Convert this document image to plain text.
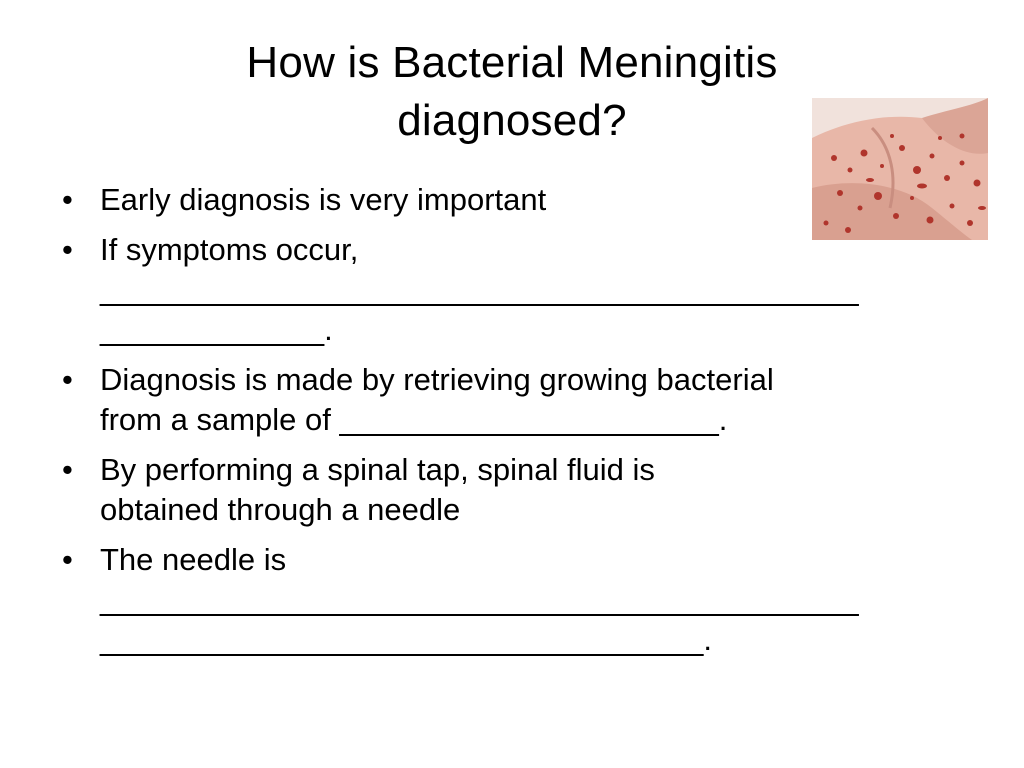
How is Bacterial Meningitis
diagnosed?
• Early diagnosis is very important
• If symptoms occur,
____________________________________________
_____________.
• Diagnosis is made by retrieving growing bacterial
from a sample of ______________________.
• By performing a spinal tap, spinal fluid is
obtained through a needle
• The needle is
____________________________________________
___________________________________.
